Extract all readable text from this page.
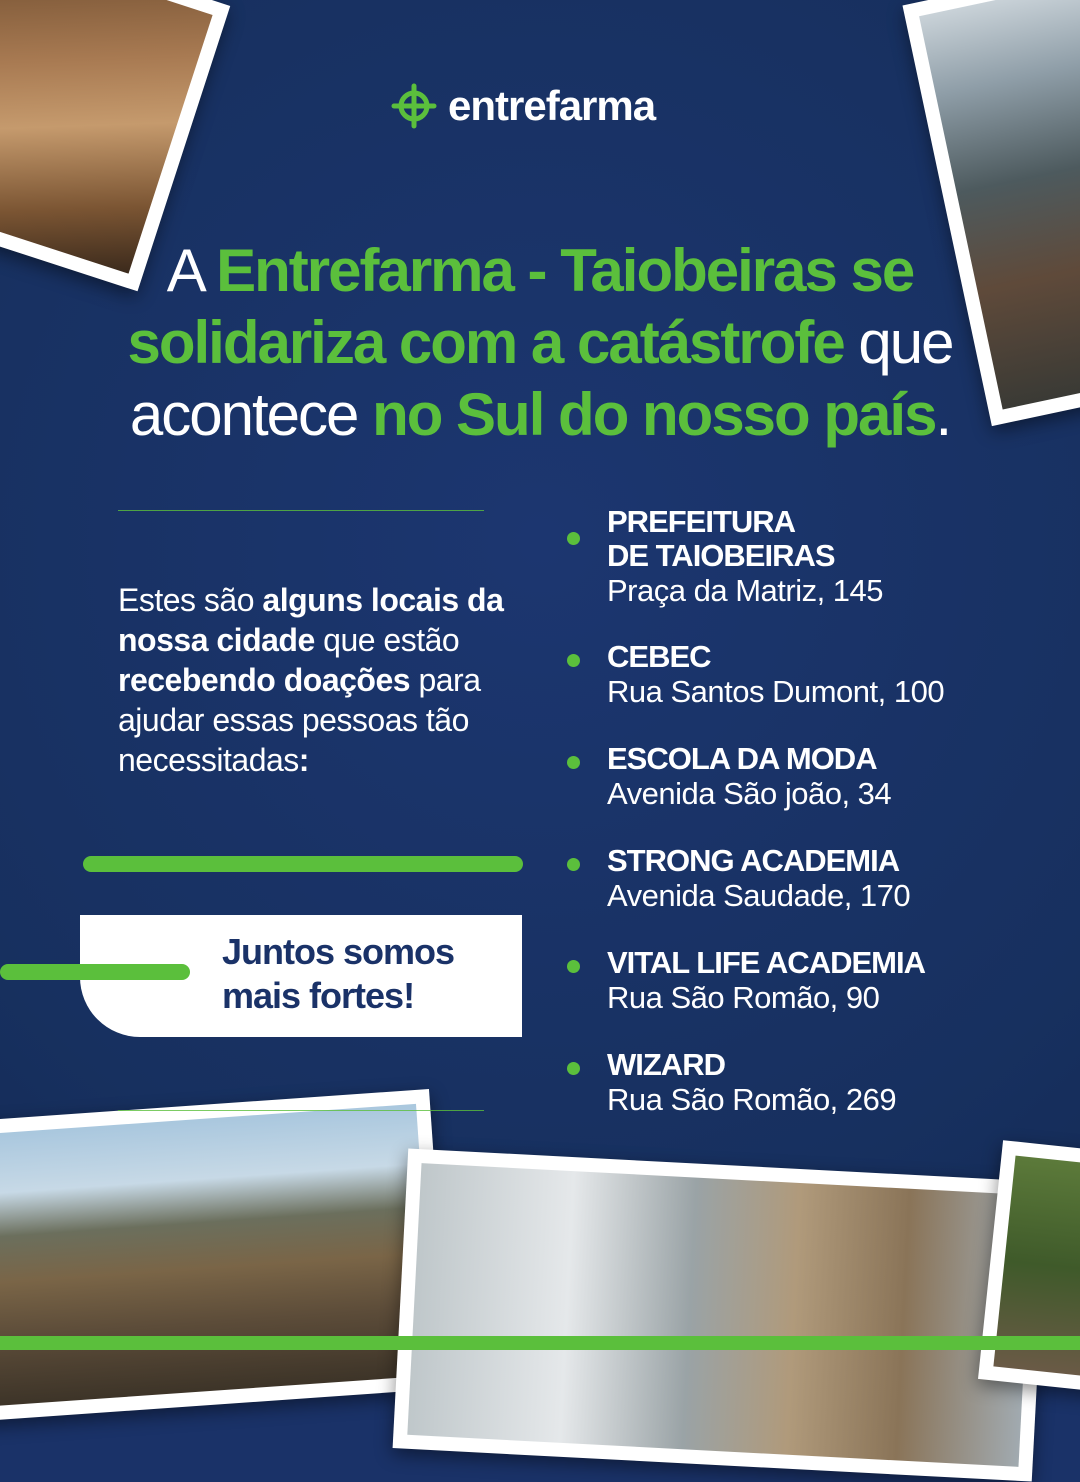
entrefarma
A Entrefarma - Taiobeiras se solidariza com a catástrofe que acontece no Sul do nosso país.
Estes são alguns locais da nossa cidade que estão recebendo doações para ajudar essas pessoas tão necessitadas:
Juntos somos
mais fortes!
PREFEITURA
DE TAIOBEIRAS
Praça da Matriz, 145
CEBEC
Rua Santos Dumont, 100
ESCOLA DA MODA
Avenida São joão, 34
STRONG ACADEMIA
Avenida Saudade, 170
VITAL LIFE ACADEMIA
Rua São Romão, 90
WIZARD
Rua São Romão, 269
